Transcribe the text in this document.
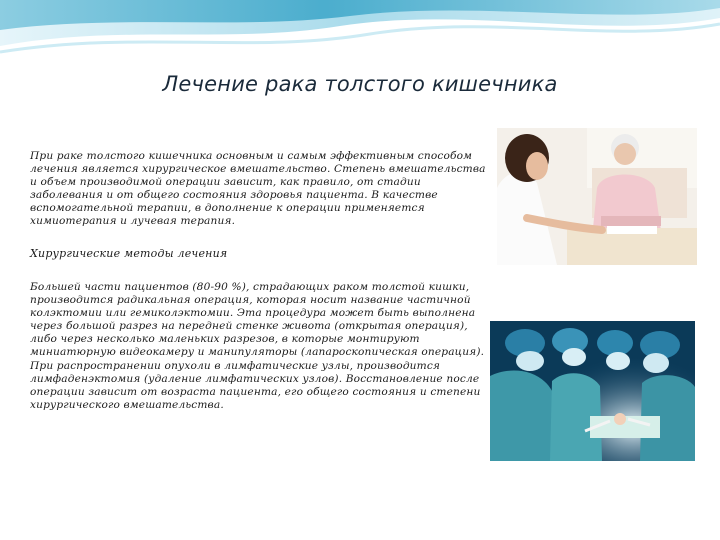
Лечение рака толстого кишечника
При раке толстого кишечника основным и самым эффективным способом лечения является хирургическое вмешательство. Степень вмешательства и объем производимой операции зависит, как правило, от стадии заболевания и от общего состояния здоровья пациента. В качестве вспомогательной терапии, в дополнение к операции применяется химиотерапия и лучевая терапия.
Хирургические методы лечения
Большей части пациентов (80-90 %), страдающих раком толстой кишки, производится радикальная операция, которая носит название частичной колэктомии или гемиколэктомии. Эта процедура может быть выполнена через большой разрез на передней стенке живота (открытая операция), либо через несколько маленьких разрезов, в которые монтируют миниатюрную видеокамеру и манипуляторы (лапароскопическая операция). При распространении опухоли в лимфатические узлы, производится лимфаденэктомия (удаление лимфатических узлов). Восстановление после операции зависит от возраста пациента, его общего состояния и степени хирургического вмешательства.
